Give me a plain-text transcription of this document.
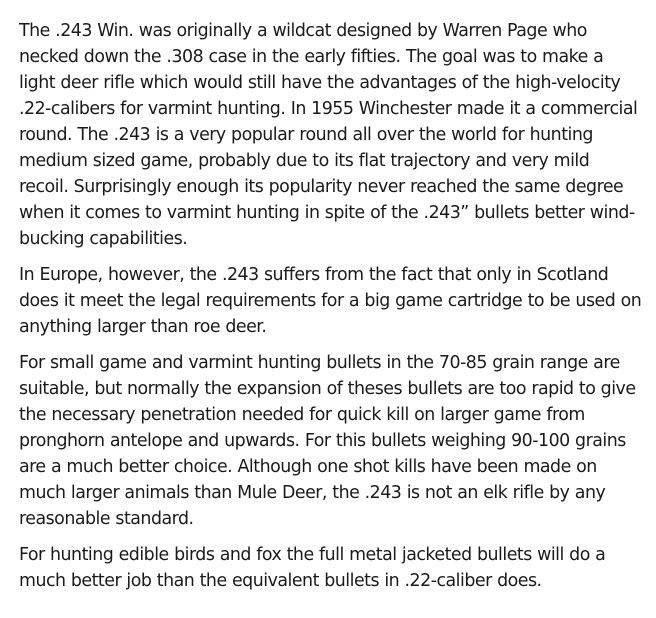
The .243 Win. was originally a wildcat designed by Warren Page who necked down the .308 case in the early fifties. The goal was to make a light deer rifle which would still have the advantages of the high-velocity .22-calibers for varmint hunting. In 1955 Winchester made it a commercial round. The .243 is a very popular round all over the world for hunting medium sized game, probably due to its flat trajectory and very mild recoil. Surprisingly enough its popularity never reached the same degree when it comes to varmint hunting in spite of the .243” bullets better wind-bucking capabilities.

In Europe, however, the .243 suffers from the fact that only in Scotland does it meet the legal requirements for a big game cartridge to be used on anything larger than roe deer.

For small game and varmint hunting bullets in the 70-85 grain range are suitable, but normally the expansion of theses bullets are too rapid to give the necessary penetration needed for quick kill on larger game from pronghorn antelope and upwards. For this bullets weighing 90-100 grains are a much better choice. Although one shot kills have been made on much larger animals than Mule Deer, the .243 is not an elk rifle by any reasonable standard.

For hunting edible birds and fox the full metal jacketed bullets will do a much better job than the equivalent bullets in .22-caliber does.
